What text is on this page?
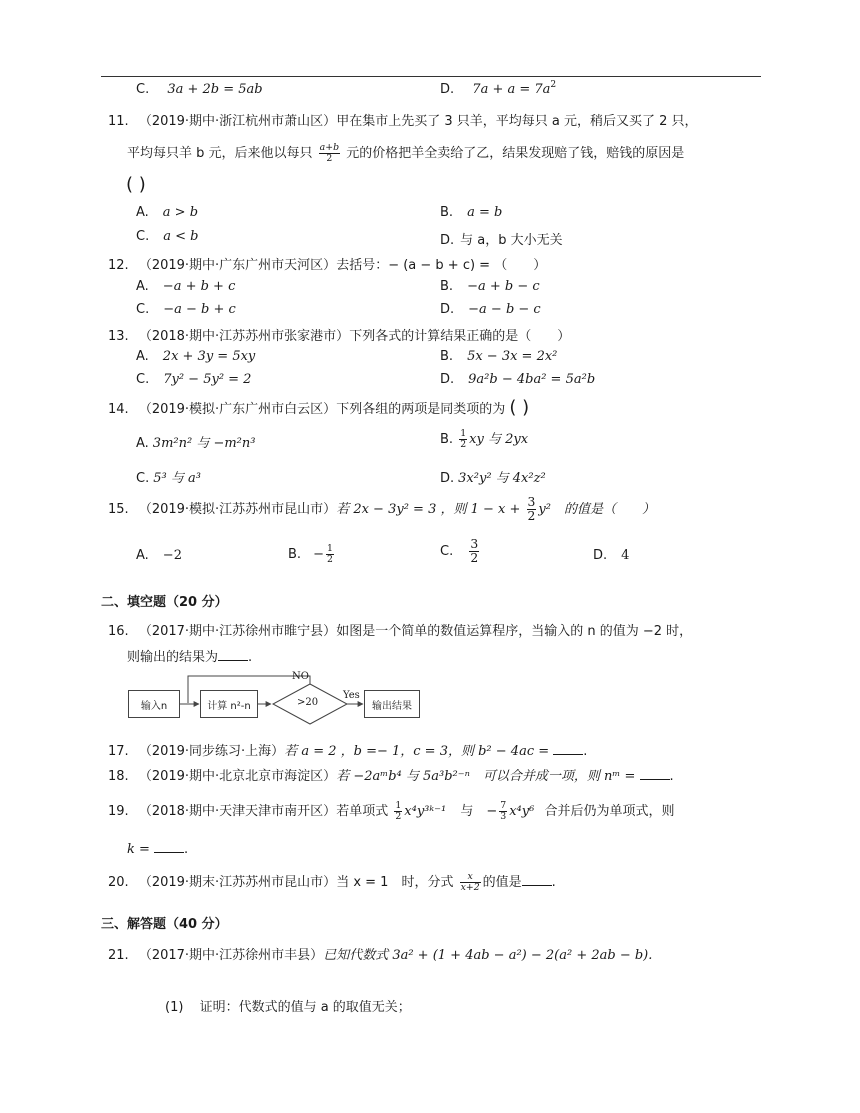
C. 3a + 2b = 5ab	D. $7a + a = 7a^2$
11. （2019·期中·浙江杭州市萧山区）甲在集市上先买了 3 只羊，平均每只 a 元，稍后又买了 2 只，
平均每只羊 b 元，后来他以每只 $\frac{a+b}{2}$ 元的价格把羊全卖给了乙，结果发现赔了钱，赔钱的原因是
( )
A. a > b	B. a = b
C. a < b	D. 与 a，b 大小无关
12. （2019·期中·广东广州市天河区）去括号：− (a − b + c) = （　　）
A. −a + b + c	B. −a + b − c
C. −a − b + c	D. −a − b − c
13. （2018·期中·江苏苏州市张家港市）下列各式的计算结果正确的是（　　）
A. 2x + 3y = 5xy	B. 5x − 3x = 2x²
C. 7y² − 5y² = 2	D. 9a²b − 4ba² = 5a²b
14. （2019·模拟·广东广州市白云区）下列各组的两项是同类项的为 ( )
A. 3m²n² 与 −m²n³	B. $\frac{1}{2}$ xy 与 2yx
C. 5³ 与 a³	D. 3x²y² 与 4x²z²
15. （2019·模拟·江苏苏州市昆山市）若 2x − 3y² = 3 ，则 $1 - x + \frac{3}{2} y^2$　的值是（　　）
A. −2	B. − $\frac{1}{2}$	C. $\frac{3}{2}$	D. 4
二、填空题（20 分）
16. （2017·期中·江苏徐州市睢宁县）如图是一个简单的数值运算程序，当输入的 n 的值为 −2 时，
则输出的结果为 .
输入n	计算 n²-n	>20
NO
Yes
输出结果
17. （2019·同步练习·上海）若 a = 2 ，b =− 1，c = 3，则 b² − 4ac =	.
18. （2019·期中·北京北京市海淀区）若 −2aᵐb⁴ 与 5a³b²⁻ⁿ　可以合并成一项，则 nᵐ =	.
19. （2018·期中·天津天津市南开区）若单项式 $\frac{1}{2}$ x⁴y³ᵏ⁻¹ 与　− $\frac{7}{3} x^4y^6$ 合并后仍为单项式，则
k =	.
20. （2019·期末·江苏苏州市昆山市）当 x = 1　时，分式 $\frac{x}{x+2}$ 的值是 .
三、解答题（40 分）
21. （2017·期中·江苏徐州市丰县）已知代数式 3a² + (1 + 4ab − a²) − 2(a² + 2ab − b).
(1) 证明：代数式的值与 a 的取值无关；
